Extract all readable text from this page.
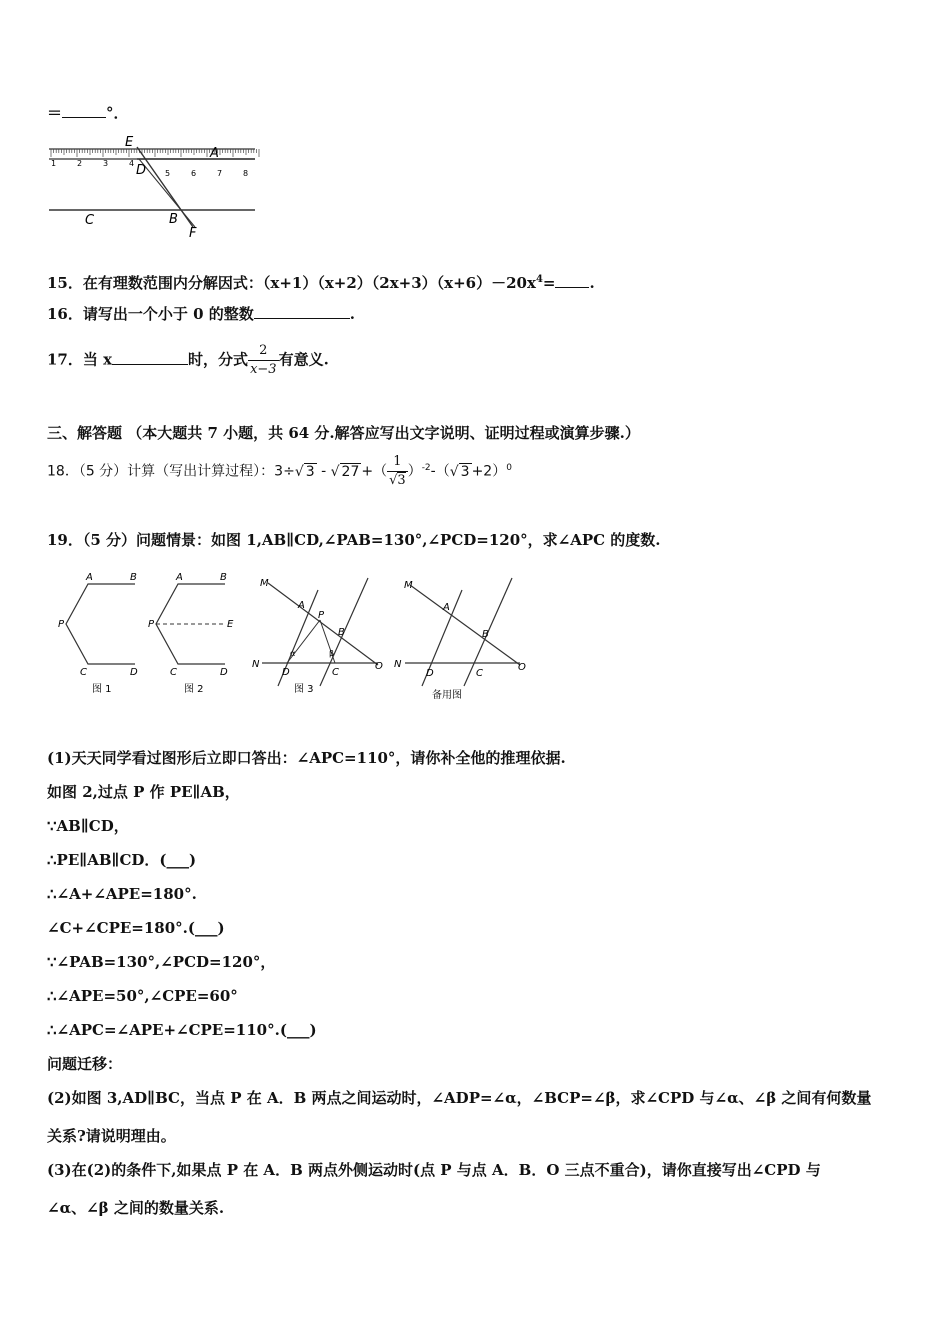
＝	°．
1	2	3	4
5	6	7	8
E
A
D
C	B
F
15．在有理数范围内分解因式：$(x+1)(x+2)(2x+3)(x+6)-20x^4=$ .
16．请写出一个小于 0 的整数	.
17．当 x	时，分式 $\frac{2}{x-3}$ 有意义.
三、解答题 （本大题共 7 小题，共 64 分.解答应写出文字说明、证明过程或演算步骤.）
18．（5 分）计算（写出计算过程）：3÷√ 3 - √ 27 +（ $\frac{1}{√3} )^{-2}-(√$ 3 +2）$^0$
19．（5 分）问题情景：如图 1,AB∥CD,∠PAB=130°,∠PCD=120°，求∠APC 的度数.
A	B
P
C	D
图 1
A	B
P	E
C	D
图 2
M
A
P
B
N	O
D	C
α	β
图 3
M
A
B
N	O
D	C
备用图
(1)天天同学看过图形后立即口答出：∠APC=110°，请你补全他的推理依据.
如图 2,过点 P 作 PE∥AB，
∵AB∥CD，
∴PE∥AB∥CD．(___)
∴∠A+∠APE=180°.
∠C+∠CPE=180°.(___)
∵∠PAB=130°,∠PCD=120°，
∴∠APE=50°,∠CPE=60°
∴∠APC=∠APE+∠CPE=110°.(___)
问题迁移：
(2)如图 3,AD∥BC，当点 P 在 A．B 两点之间运动时，∠ADP=∠α，∠BCP=∠β，求∠CPD 与∠α、∠β 之间有何数量
关系?请说明理由。
(3)在(2)的条件下,如果点 P 在 A．B 两点外侧运动时(点 P 与点 A．B．O 三点不重合)，请你直接写出∠CPD 与
∠α、∠β 之间的数量关系.
